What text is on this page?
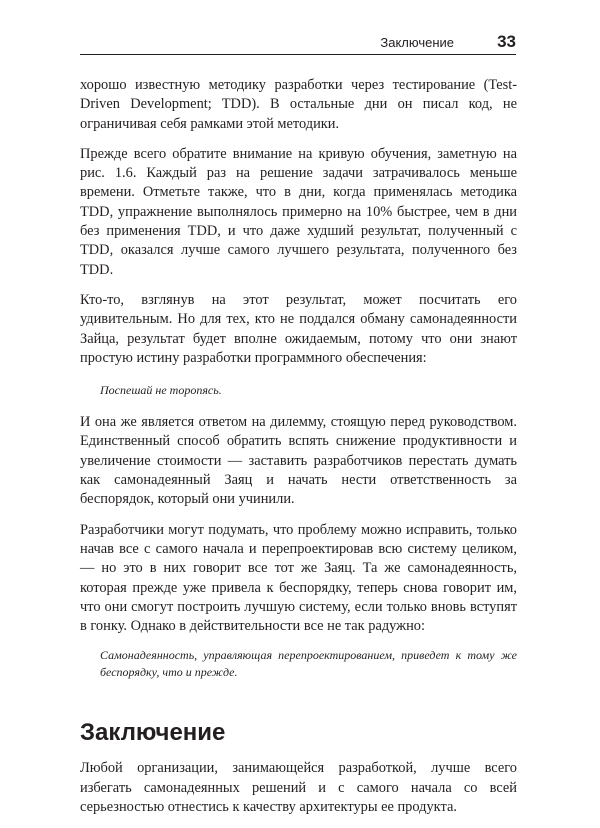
Заключение	33

хорошо известную методику разработки через тестирование (Test-Driven Development; TDD). В остальные дни он писал код, не ограничивая себя рамками этой методики.

Прежде всего обратите внимание на кривую обучения, заметную на рис. 1.6. Каждый раз на решение задачи затрачивалось меньше времени. Отметьте также, что в дни, когда применялась методика TDD, упражнение выполнялось примерно на 10% быстрее, чем в дни без применения TDD, и что даже худший результат, полученный с TDD, оказался лучше самого лучшего результата, полученного без TDD.

Кто-то, взглянув на этот результат, может посчитать его удивительным. Но для тех, кто не поддался обману самонадеянности Зайца, результат будет вполне ожидаемым, потому что они знают простую истину разработки программного обеспечения:

Поспешай не торопясь.

И она же является ответом на дилемму, стоящую перед руководством. Единственный способ обратить вспять снижение продуктивности и увеличение стоимости — заставить разработчиков перестать думать как самонадеянный Заяц и начать нести ответственность за беспорядок, который они учинили.

Разработчики могут подумать, что проблему можно исправить, только начав все с самого начала и перепроектировав всю систему целиком, — но это в них говорит все тот же Заяц. Та же самонадеянность, которая прежде уже привела к беспорядку, теперь снова говорит им, что они смогут построить лучшую систему, если только вновь вступят в гонку. Однако в действительности все не так радужно:

Самонадеянность, управляющая перепроектированием, приведет к тому же беспорядку, что и прежде.

Заключение

Любой организации, занимающейся разработкой, лучше всего избегать самонадеянных решений и с самого начала со всей серьезностью отнестись к качеству архитектуры ее продукта.
